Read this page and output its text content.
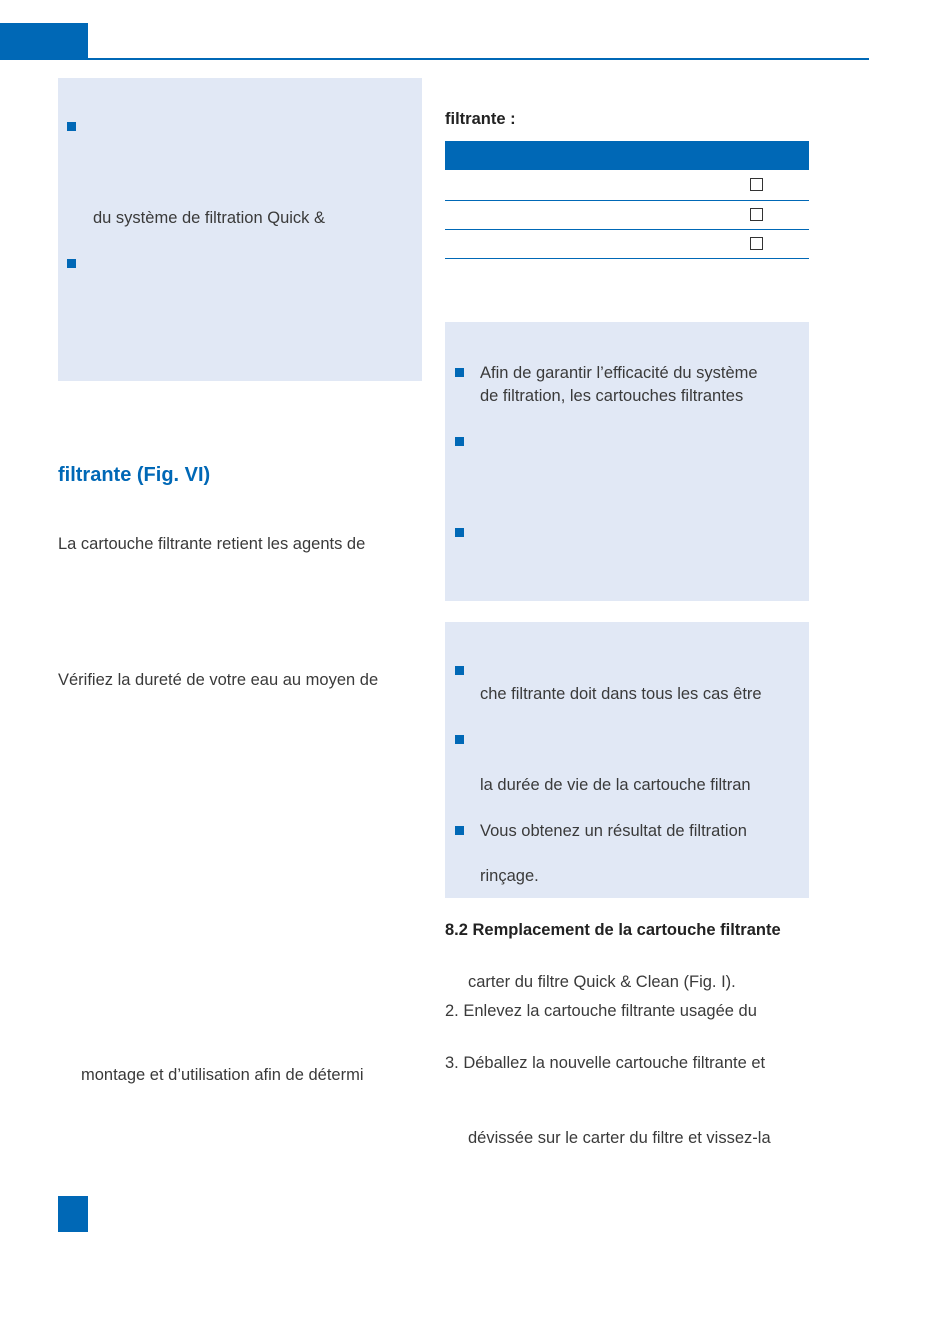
du système de filtration Quick &
filtrante (Fig. VI)
La cartouche filtrante retient les agents de
Vérifiez la dureté de votre eau au moyen de
montage et d’utilisation afin de détermi
filtrante :
Afin de garantir l’efficacité du système
de filtration, les cartouches filtrantes
che filtrante doit dans tous les cas être
la durée de vie de la cartouche filtran
Vous obtenez un résultat de filtration
rinçage.
8.2 Remplacement de la cartouche filtrante
carter du filtre Quick & Clean (Fig. I).
2. Enlevez la cartouche filtrante usagée du
3. Déballez la nouvelle cartouche filtrante et
dévissée sur le carter du filtre et vissez-la
